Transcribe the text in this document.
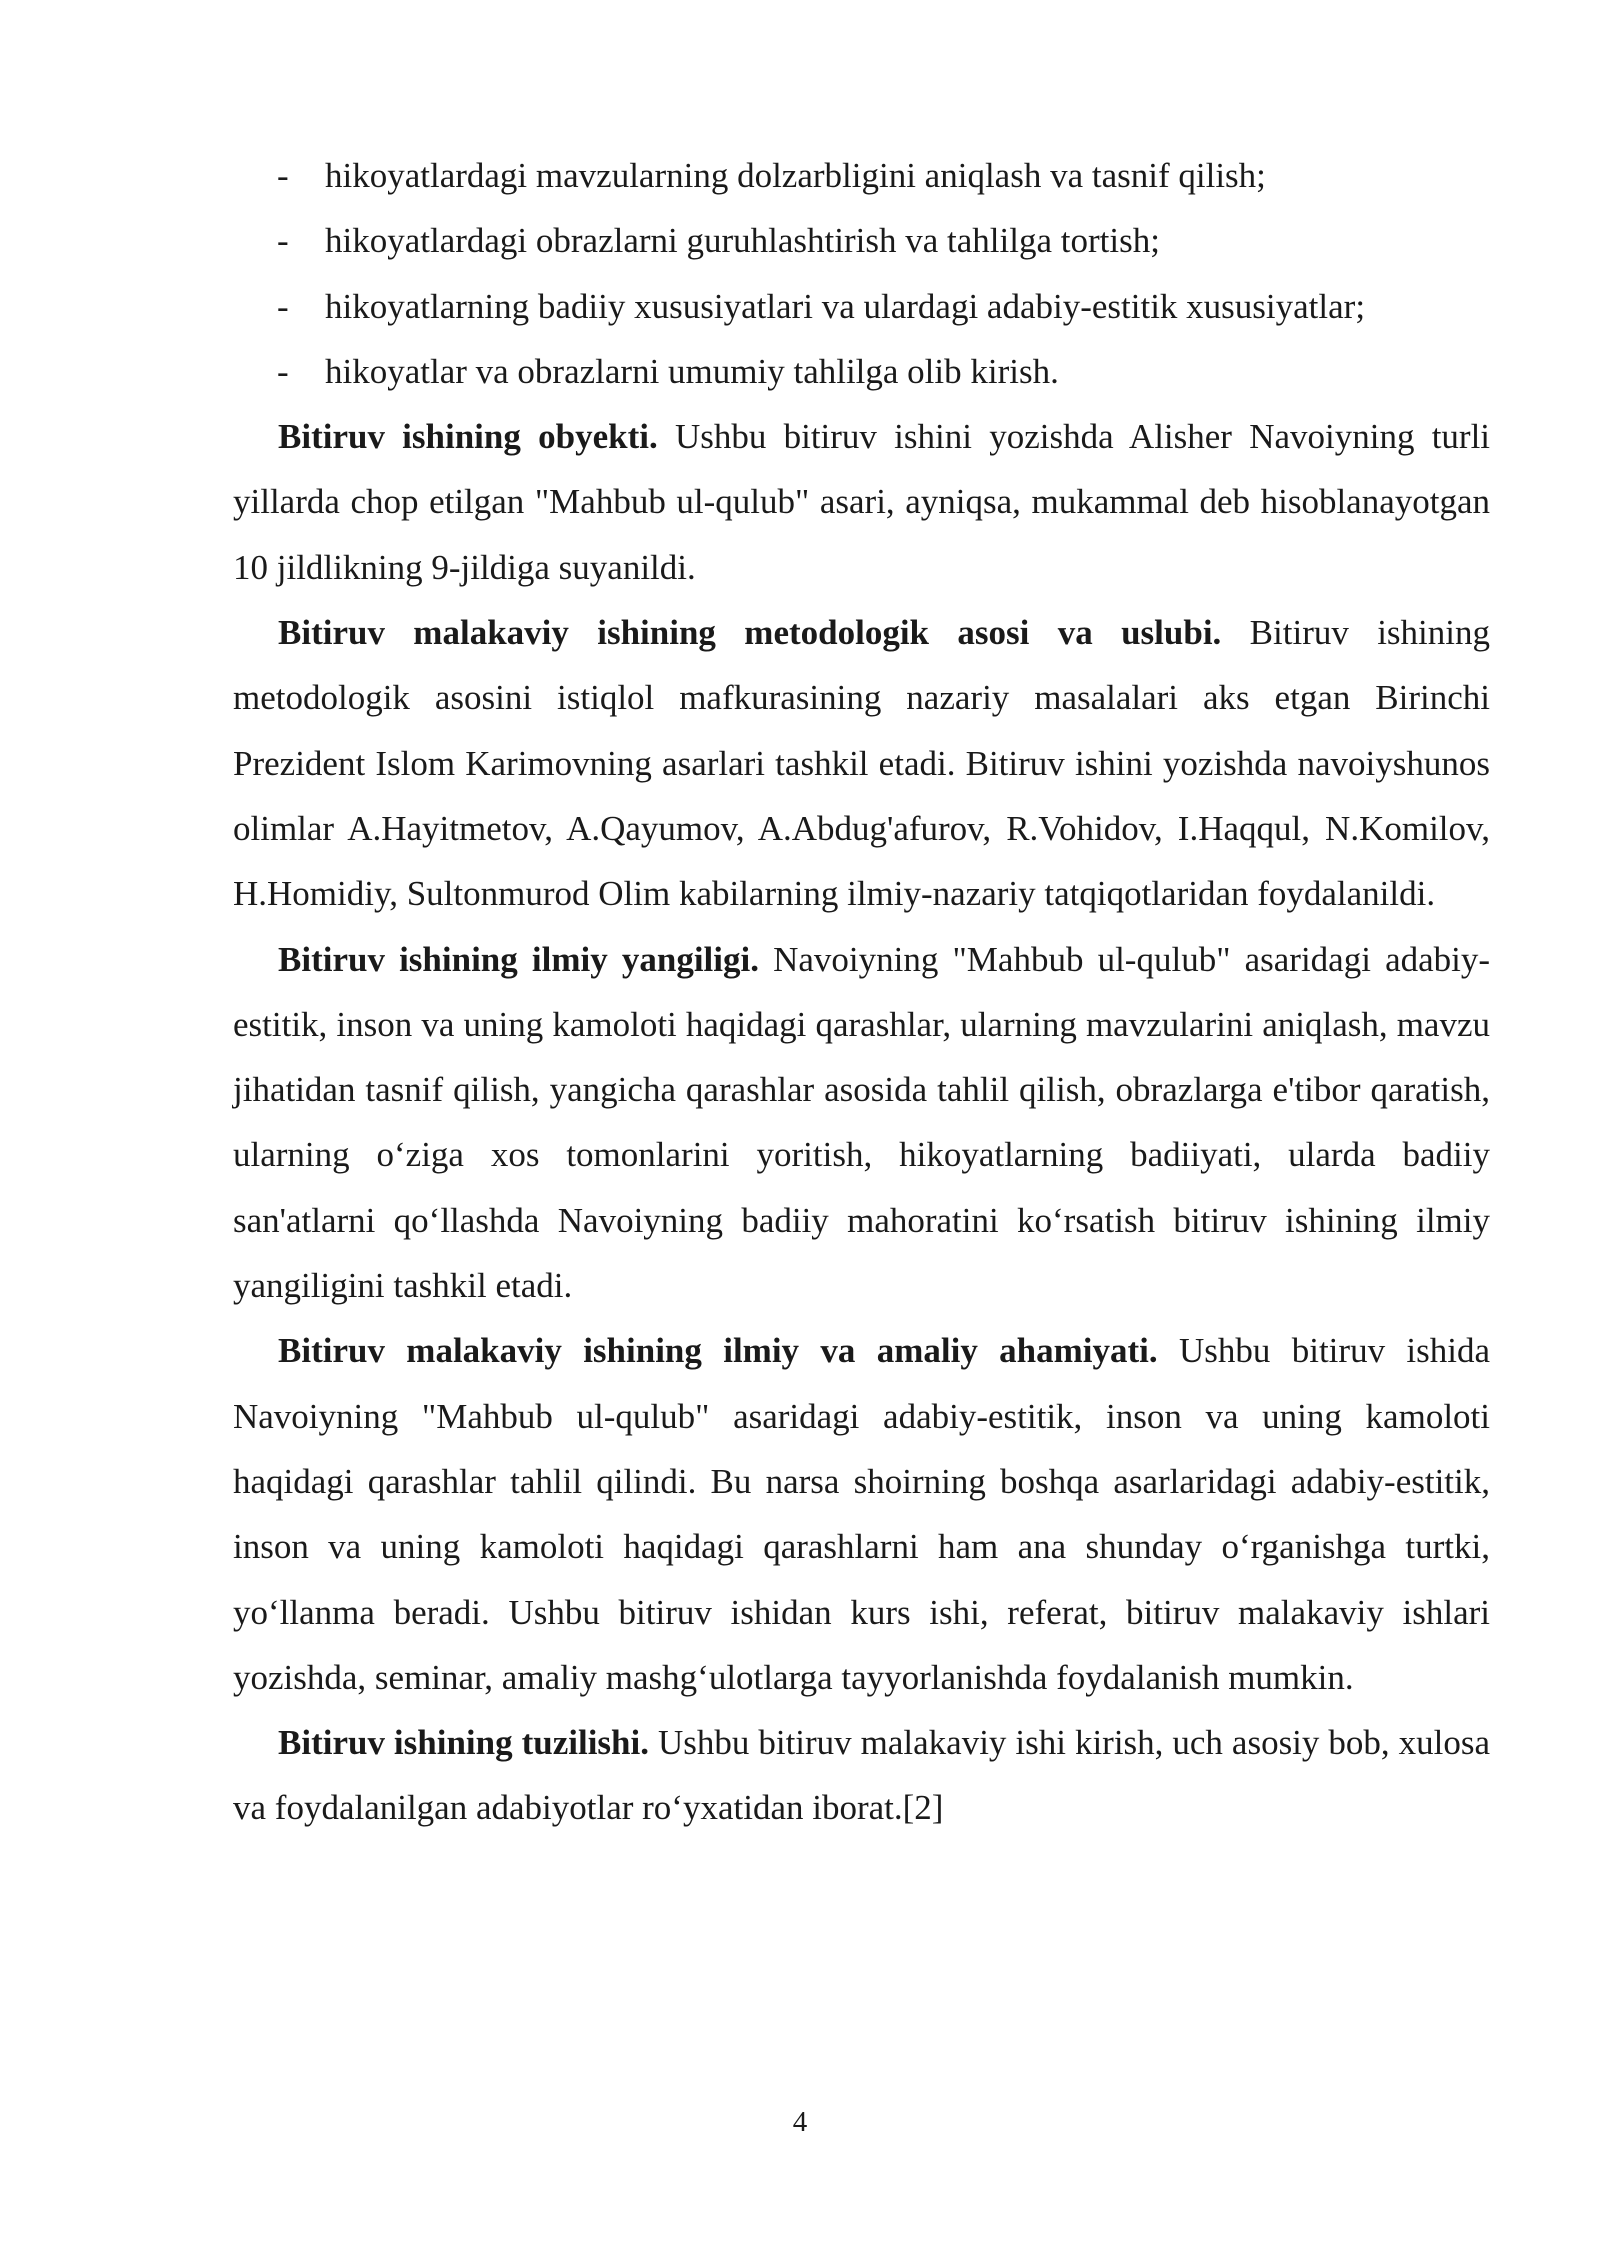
- hikoyatlardagi mavzularning dolzarbligini aniqlash va tasnif qilish;
- hikoyatlardagi obrazlarni guruhlashtirish va tahlilga tortish;
- hikoyatlarning badiiy xususiyatlari va ulardagi adabiy-estitik xususiyatlar;
- hikoyatlar va obrazlarni umumiy tahlilga olib kirish.

Bitiruv ishining obyekti. Ushbu bitiruv ishini yozishda Alisher Navoiyning turli yillarda chop etilgan "Mahbub ul-qulub" asari, ayniqsa, mukammal deb hisoblanayotgan 10 jildlikning 9-jildiga suyanildi.

Bitiruv malakaviy ishining metodologik asosi va uslubi. Bitiruv ishining metodologik asosini istiqlol mafkurasining nazariy masalalari aks etgan Birinchi Prezident Islom Karimovning asarlari tashkil etadi. Bitiruv ishini yozishda navoiyshunos olimlar A.Hayitmetov, A.Qayumov, A.Abdug'afurov, R.Vohidov, I.Haqqul, N.Komilov, H.Homidiy, Sultonmurod Olim kabilarning ilmiy-nazariy tatqiqotlaridan foydalanildi.

Bitiruv ishining ilmiy yangiligi. Navoiyning "Mahbub ul-qulub" asaridagi adabiy-estitik, inson va uning kamoloti haqidagi qarashlar, ularning mavzularini aniqlash, mavzu jihatidan tasnif qilish, yangicha qarashlar asosida tahlil qilish, obrazlarga e'tibor qaratish, ularning o‘ziga xos tomonlarini yoritish, hikoyatlarning badiiyati, ularda badiiy san'atlarni qo‘llashda Navoiyning badiiy mahoratini ko‘rsatish bitiruv ishining ilmiy yangiligini tashkil etadi.

Bitiruv malakaviy ishining ilmiy va amaliy ahamiyati. Ushbu bitiruv ishida Navoiyning "Mahbub ul-qulub" asaridagi adabiy-estitik, inson va uning kamoloti haqidagi qarashlar tahlil qilindi. Bu narsa shoirning boshqa asarlaridagi adabiy-estitik, inson va uning kamoloti haqidagi qarashlarni ham ana shunday o‘rganishga turtki, yo‘llanma beradi. Ushbu bitiruv ishidan kurs ishi, referat, bitiruv malakaviy ishlari yozishda, seminar, amaliy mashg‘ulotlarga tayyorlanishda foydalanish mumkin.

Bitiruv ishining tuzilishi. Ushbu bitiruv malakaviy ishi kirish, uch asosiy bob, xulosa va foydalanilgan adabiyotlar ro‘yxatidan iborat.[2]

4
